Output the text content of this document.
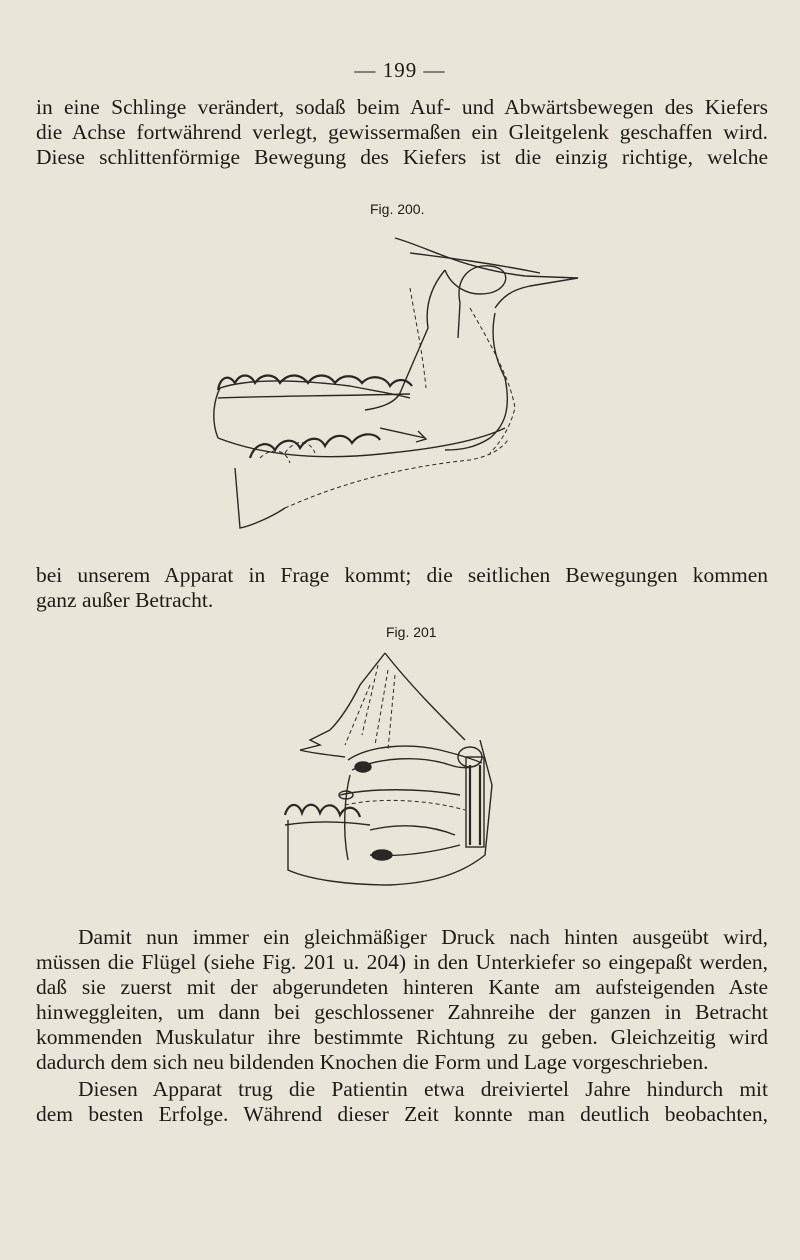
— 199 —
in eine Schlinge verändert, sodaß beim Auf- und Abwärtsbewegen des Kiefers
die Achse fortwährend verlegt, gewissermaßen ein Gleitgelenk geschaffen wird.
Diese schlittenförmige Bewegung des Kiefers ist die einzig richtige, welche
Fig. 200.
bei unserem Apparat in Frage kommt; die seitlichen Bewegungen kommen
ganz außer Betracht.
Fig. 201
Damit nun immer ein gleichmäßiger Druck nach hinten ausgeübt wird,
müssen die Flügel (siehe Fig. 201 u. 204) in den Unterkiefer so eingepaßt werden,
daß sie zuerst mit der abgerundeten hinteren Kante am aufsteigenden Aste
hinweggleiten, um dann bei geschlossener Zahnreihe der ganzen in Betracht
kommenden Muskulatur ihre bestimmte Richtung zu geben. Gleichzeitig wird
dadurch dem sich neu bildenden Knochen die Form und Lage vorgeschrieben.
Diesen Apparat trug die Patientin etwa dreiviertel Jahre hindurch mit
dem besten Erfolge. Während dieser Zeit konnte man deutlich beobachten,
